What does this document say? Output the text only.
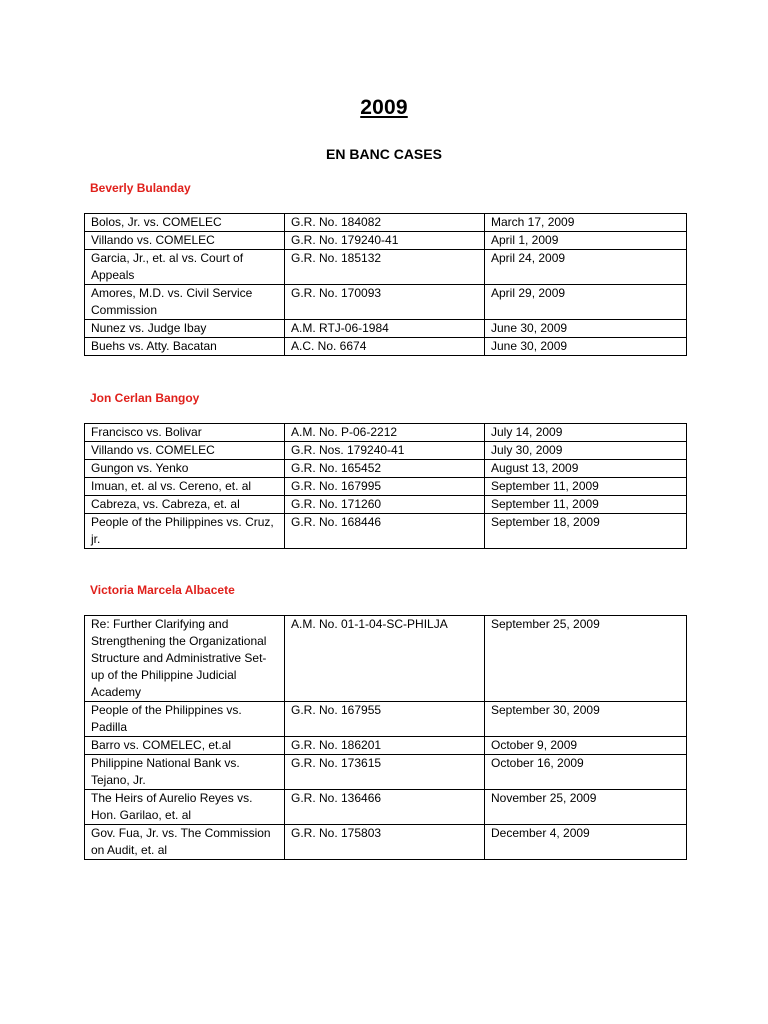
2009
EN BANC CASES
Beverly Bulanday
Bolos, Jr. vs. COMELEC	G.R. No. 184082	March 17, 2009
Villando vs. COMELEC	G.R. No. 179240-41	April 1, 2009
Garcia, Jr., et. al vs. Court of Appeals	G.R. No. 185132	April 24, 2009
Amores, M.D. vs. Civil Service Commission	G.R. No. 170093	April 29, 2009
Nunez vs. Judge Ibay	A.M. RTJ-06-1984	June 30, 2009
Buehs vs. Atty. Bacatan	A.C. No. 6674	June 30, 2009
Jon Cerlan Bangoy
Francisco vs. Bolivar	A.M. No. P-06-2212	July 14, 2009
Villando vs. COMELEC	G.R. Nos. 179240-41	July 30, 2009
Gungon vs. Yenko	G.R. No. 165452	August 13, 2009
Imuan, et. al vs. Cereno, et. al	G.R. No. 167995	September 11, 2009
Cabreza, vs. Cabreza, et. al	G.R. No. 171260	September 11, 2009
People of the Philippines vs. Cruz, jr.	G.R. No. 168446	September 18, 2009
Victoria Marcela Albacete
Re: Further Clarifying and Strengthening the Organizational Structure and Administrative Set-up of the Philippine Judicial Academy	A.M. No. 01-1-04-SC-PHILJA	September 25, 2009
People of the Philippines vs. Padilla	G.R. No. 167955	September 30, 2009
Barro vs. COMELEC, et.al	G.R. No. 186201	October 9, 2009
Philippine National Bank vs. Tejano, Jr.	G.R. No. 173615	October 16, 2009
The Heirs of Aurelio Reyes vs. Hon. Garilao, et. al	G.R. No. 136466	November 25, 2009
Gov. Fua, Jr. vs. The Commission on Audit, et. al	G.R. No. 175803	December 4, 2009
